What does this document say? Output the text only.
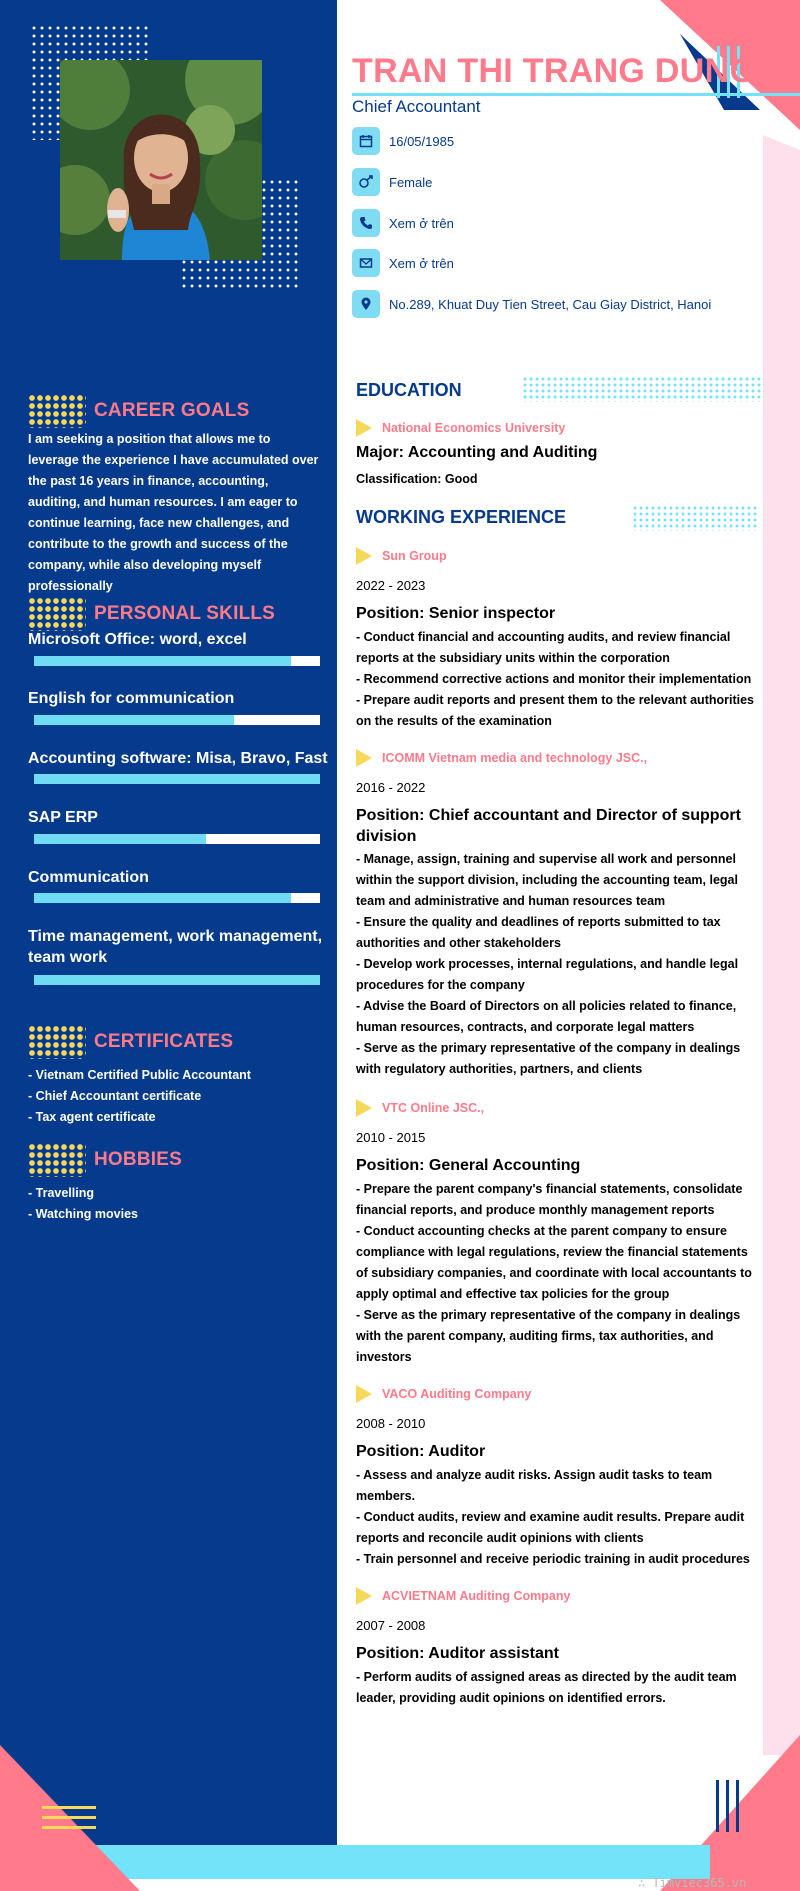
CAREER GOALS
I am seeking a position that allows me to leverage the experience I have accumulated over the past 16 years in finance, accounting, auditing, and human resources. I am eager to continue learning, face new challenges, and contribute to the growth and success of the company, while also developing myself professionally
PERSONAL SKILLS
Microsoft Office: word, excel
English for communication
Accounting software: Misa, Bravo, Fast
SAP ERP
Communication
Time management, work management, team work
CERTIFICATES
- Vietnam Certified Public Accountant
- Chief Accountant certificate
- Tax agent certificate
HOBBIES
- Travelling
- Watching movies
TRAN THI TRANG DUNG
Chief Accountant
16/05/1985
Female
Xem ở trên
Xem ở trên
No.289, Khuat Duy Tien Street, Cau Giay District, Hanoi
EDUCATION
National Economics University
Major: Accounting and Auditing
Classification: Good
WORKING EXPERIENCE
Sun Group
2022 - 2023
Position: Senior inspector
- Conduct financial and accounting audits, and review financial reports at the subsidiary units within the corporation
- Recommend corrective actions and monitor their implementation
- Prepare audit reports and present them to the relevant authorities on the results of the examination
ICOMM Vietnam media and technology JSC.,
2016 - 2022
Position: Chief accountant and Director of support division
- Manage, assign, training and supervise all work and personnel within the support division, including the accounting team, legal team and administrative and human resources team
- Ensure the quality and deadlines of reports submitted to tax authorities and other stakeholders
- Develop work processes, internal regulations, and handle legal procedures for the company
- Advise the Board of Directors on all policies related to finance, human resources, contracts, and corporate legal matters
- Serve as the primary representative of the company in dealings with regulatory authorities, partners, and clients
VTC Online JSC.,
2010 - 2015
Position: General Accounting
- Prepare the parent company's financial statements, consolidate financial reports, and produce monthly management reports
- Conduct accounting checks at the parent company to ensure compliance with legal regulations, review the financial statements of subsidiary companies, and coordinate with local accountants to apply optimal and effective tax policies for the group
- Serve as the primary representative of the company in dealings with the parent company, auditing firms, tax authorities, and investors
VACO Auditing Company
2008 - 2010
Position: Auditor
- Assess and analyze audit risks. Assign audit tasks to team members.
- Conduct audits, review and examine audit results. Prepare audit reports and reconcile audit opinions with clients
- Train personnel and receive periodic training in audit procedures
ACVIETNAM Auditing Company
2007 - 2008
Position: Auditor assistant
- Perform audits of assigned areas as directed by the audit team leader, providing audit opinions on identified errors.
∴ Timviec365.vn
